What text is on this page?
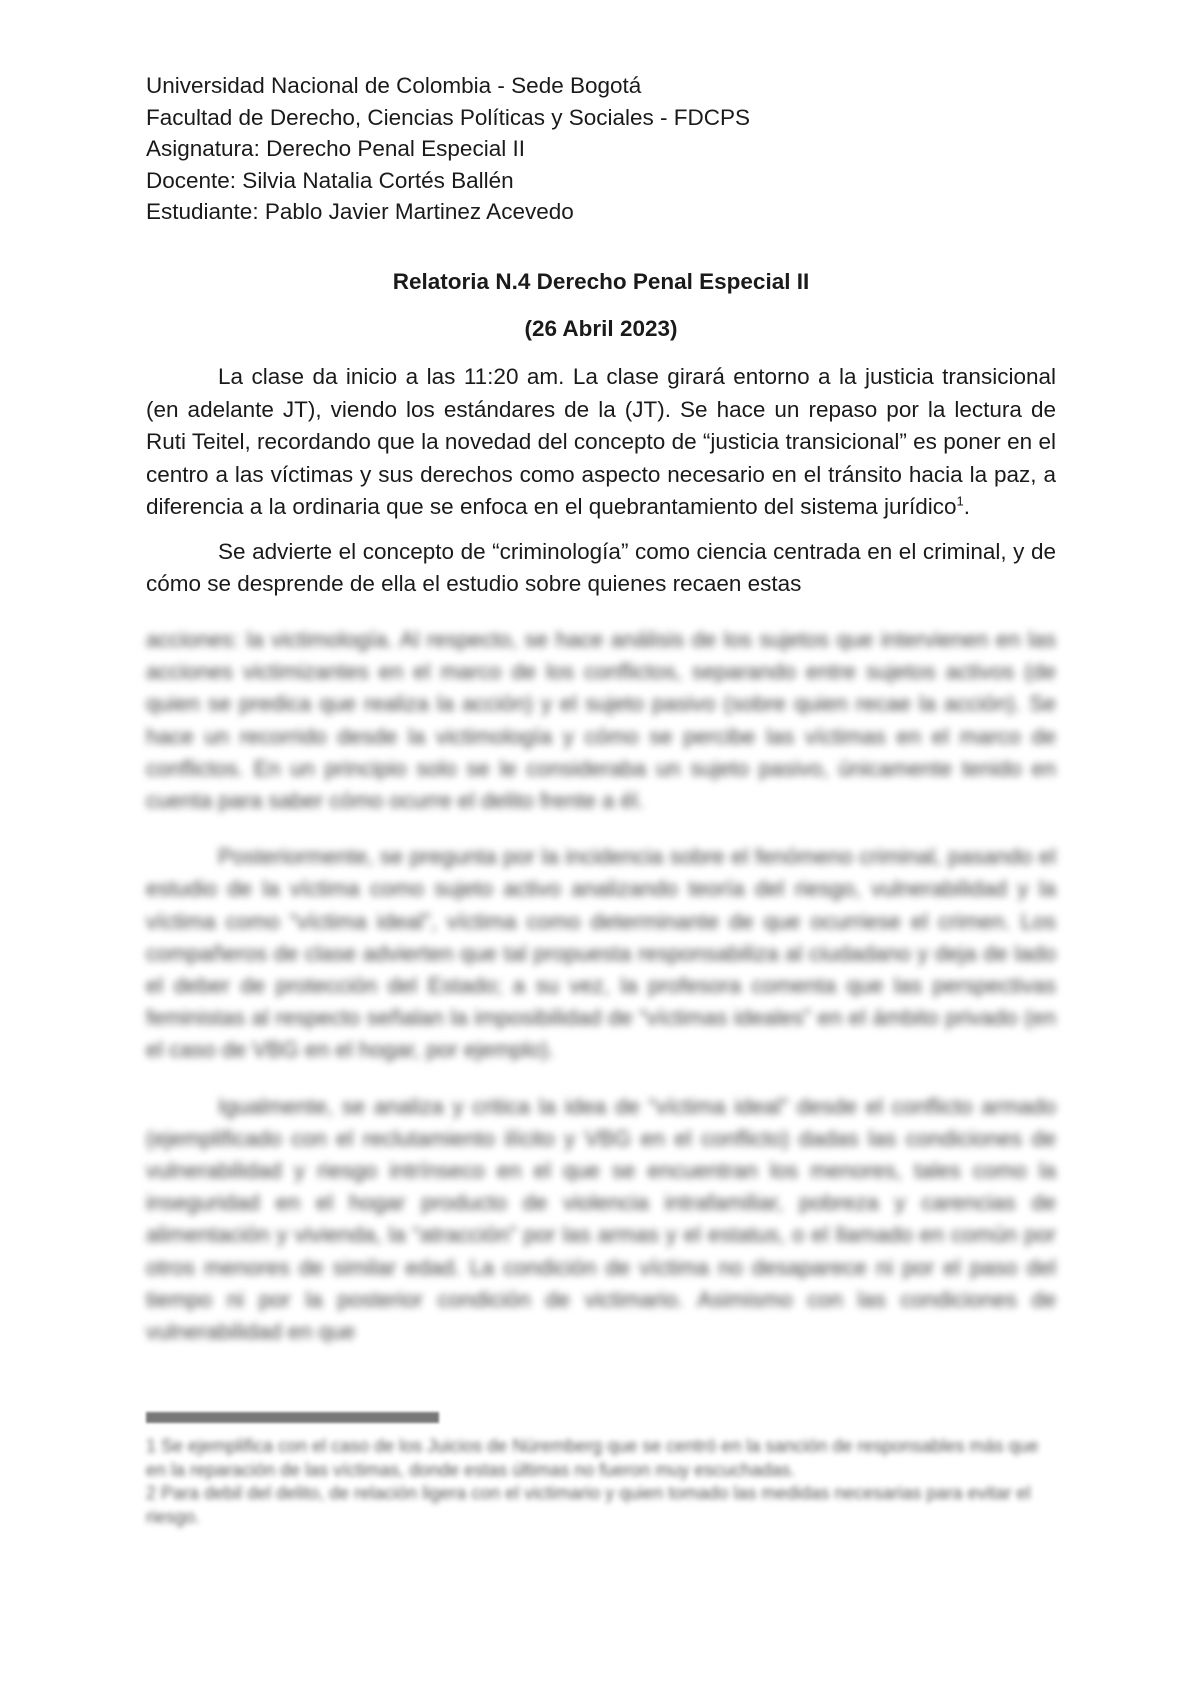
Universidad Nacional de Colombia - Sede Bogotá
Facultad de Derecho, Ciencias Políticas y Sociales - FDCPS
Asignatura: Derecho Penal Especial II
Docente: Silvia Natalia Cortés Ballén
Estudiante: Pablo Javier Martinez Acevedo
Relatoria N.4 Derecho Penal Especial II
(26 Abril 2023)

La clase da inicio a las 11:20 am. La clase girará entorno a la justicia transicional (en adelante JT), viendo los estándares de la (JT). Se hace un repaso por la lectura de Ruti Teitel, recordando que la novedad del concepto de “justicia transicional” es poner en el centro a las víctimas y sus derechos como aspecto necesario en el tránsito hacia la paz, a diferencia a la ordinaria que se enfoca en el quebrantamiento del sistema jurídico$^1$.

Se advierte el concepto de “criminología” como ciencia centrada en el criminal, y de cómo se desprende de ella el estudio sobre quienes recaen estas

acciones: la victimología. Al respecto, se hace análisis de los sujetos que intervienen en las acciones victimizantes en el marco de los conflictos, separando entre sujetos activos (de quien se predica que realiza la acción) y el sujeto pasivo (sobre quien recae la acción). Se hace un recorrido desde la victimología y cómo se percibe las víctimas en el marco de conflictos. En un principio solo se le consideraba un sujeto pasivo, únicamente tenido en cuenta para saber cómo ocurre el delito frente a él.

Posteriormente, se pregunta por la incidencia sobre el fenómeno criminal, pasando el estudio de la víctima como sujeto activo analizando teoría del riesgo, vulnerabilidad y la víctima como “víctima ideal”, víctima como determinante de que ocurriese el crimen. Los compañeros de clase advierten que tal propuesta responsabiliza al ciudadano y deja de lado el deber de protección del Estado; a su vez, la profesora comenta que las perspectivas feministas al respecto señalan la imposibilidad de “víctimas ideales” en el ámbito privado (en el caso de VBG en el hogar, por ejemplo).

Igualmente, se analiza y critica la idea de “víctima ideal” desde el conflicto armado (ejemplificado con el reclutamiento ilícito y VBG en el conflicto) dadas las condiciones de vulnerabilidad y riesgo intrínseco en el que se encuentran los menores, tales como la inseguridad en el hogar producto de violencia intrafamiliar, pobreza y carencias de alimentación y vivienda, la “atracción” por las armas y el estatus, o el llamado en común por otros menores de similar edad. La condición de víctima no desaparece ni por el paso del tiempo ni por la posterior condición de victimario. Asimismo con las condiciones de vulnerabilidad en que

1 Se ejemplifica con el caso de los Juicios de Núremberg que se centró en la sanción de responsables más que en la reparación de las víctimas, donde estas últimas no fueron muy escuchadas.

2 Para debil del delito, de relación ligera con el victimario y quien tomado las medidas necesarias para evitar el riesgo.
